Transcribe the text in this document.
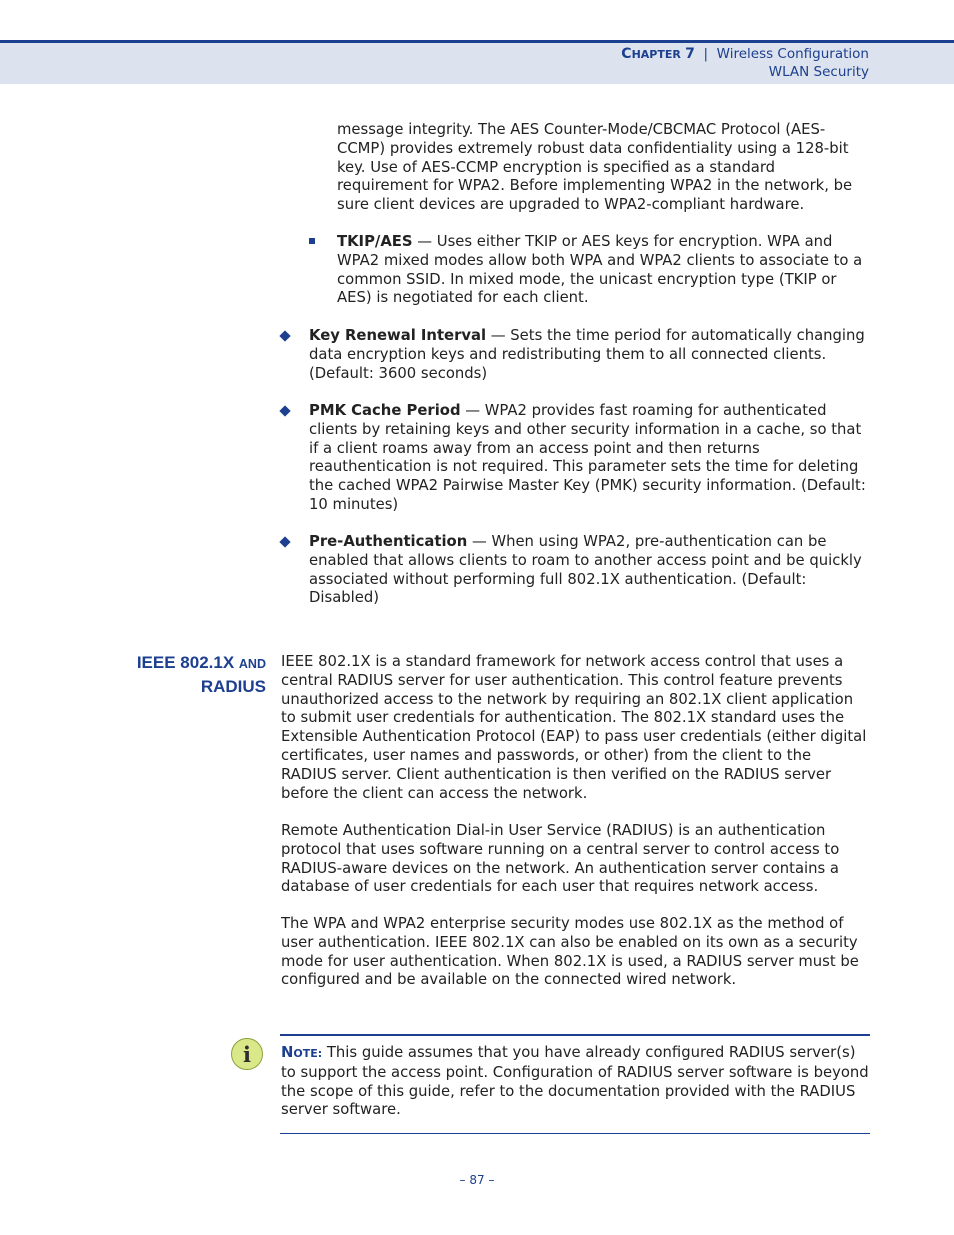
CHAPTER 7 | Wireless Configuration
WLAN Security

message integrity. The AES Counter-Mode/CBCMAC Protocol (AES-CCMP) provides extremely robust data confidentiality using a 128-bit key. Use of AES-CCMP encryption is specified as a standard requirement for WPA2. Before implementing WPA2 in the network, be sure client devices are upgraded to WPA2-compliant hardware.

TKIP/AES — Uses either TKIP or AES keys for encryption. WPA and WPA2 mixed modes allow both WPA and WPA2 clients to associate to a common SSID. In mixed mode, the unicast encryption type (TKIP or AES) is negotiated for each client.

Key Renewal Interval — Sets the time period for automatically changing data encryption keys and redistributing them to all connected clients. (Default: 3600 seconds)

PMK Cache Period — WPA2 provides fast roaming for authenticated clients by retaining keys and other security information in a cache, so that if a client roams away from an access point and then returns reauthentication is not required. This parameter sets the time for deleting the cached WPA2 Pairwise Master Key (PMK) security information. (Default: 10 minutes)

Pre-Authentication — When using WPA2, pre-authentication can be enabled that allows clients to roam to another access point and be quickly associated without performing full 802.1X authentication. (Default: Disabled)

IEEE 802.1X AND
RADIUS

IEEE 802.1X is a standard framework for network access control that uses a central RADIUS server for user authentication. This control feature prevents unauthorized access to the network by requiring an 802.1X client application to submit user credentials for authentication. The 802.1X standard uses the Extensible Authentication Protocol (EAP) to pass user credentials (either digital certificates, user names and passwords, or other) from the client to the RADIUS server. Client authentication is then verified on the RADIUS server before the client can access the network.

Remote Authentication Dial-in User Service (RADIUS) is an authentication protocol that uses software running on a central server to control access to RADIUS-aware devices on the network. An authentication server contains a database of user credentials for each user that requires network access.

The WPA and WPA2 enterprise security modes use 802.1X as the method of user authentication. IEEE 802.1X can also be enabled on its own as a security mode for user authentication. When 802.1X is used, a RADIUS server must be configured and be available on the connected wired network.

i	NOTE: This guide assumes that you have already configured RADIUS server(s) to support the access point. Configuration of RADIUS server software is beyond the scope of this guide, refer to the documentation provided with the RADIUS server software.

– 87 –
